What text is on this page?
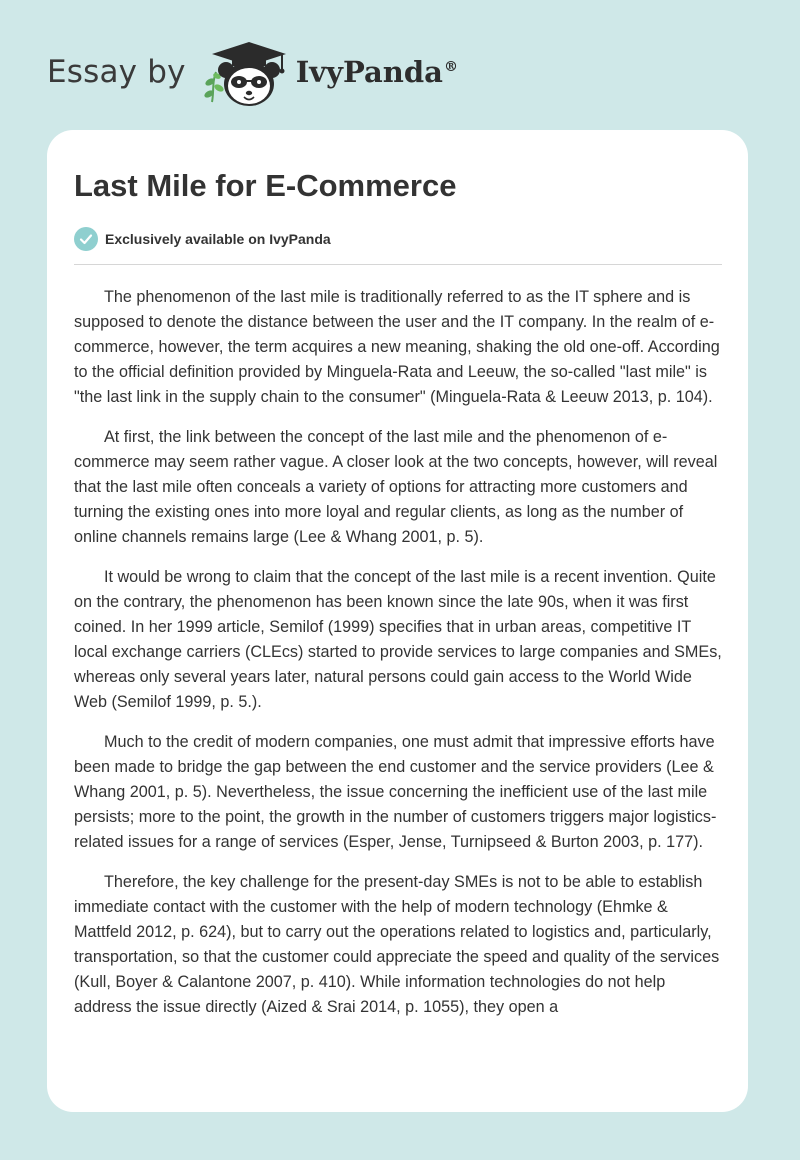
Essay by	IvyPanda®
Last Mile for E-Commerce
Exclusively available on IvyPanda

The phenomenon of the last mile is traditionally referred to as the IT sphere and is supposed to denote the distance between the user and the IT company. In the realm of e-commerce, however, the term acquires a new meaning, shaking the old one-off. According to the official definition provided by Minguela-Rata and Leeuw, the so-called "last mile" is "the last link in the supply chain to the consumer" (Minguela-Rata & Leeuw 2013, p. 104).

At first, the link between the concept of the last mile and the phenomenon of e-commerce may seem rather vague. A closer look at the two concepts, however, will reveal that the last mile often conceals a variety of options for attracting more customers and turning the existing ones into more loyal and regular clients, as long as the number of online channels remains large (Lee & Whang 2001, p. 5).

It would be wrong to claim that the concept of the last mile is a recent invention. Quite on the contrary, the phenomenon has been known since the late 90s, when it was first coined. In her 1999 article, Semilof (1999) specifies that in urban areas, competitive IT local exchange carriers (CLEcs) started to provide services to large companies and SMEs, whereas only several years later, natural persons could gain access to the World Wide Web (Semilof 1999, p. 5.).

Much to the credit of modern companies, one must admit that impressive efforts have been made to bridge the gap between the end customer and the service providers (Lee & Whang 2001, p. 5). Nevertheless, the issue concerning the inefficient use of the last mile persists; more to the point, the growth in the number of customers triggers major logistics-related issues for a range of services (Esper, Jense, Turnipseed & Burton 2003, p. 177).

Therefore, the key challenge for the present-day SMEs is not to be able to establish immediate contact with the customer with the help of modern technology (Ehmke & Mattfeld 2012, p. 624), but to carry out the operations related to logistics and, particularly, transportation, so that the customer could appreciate the speed and quality of the services (Kull, Boyer & Calantone 2007, p. 410). While information technologies do not help address the issue directly (Aized & Srai 2014, p. 1055), they open a
